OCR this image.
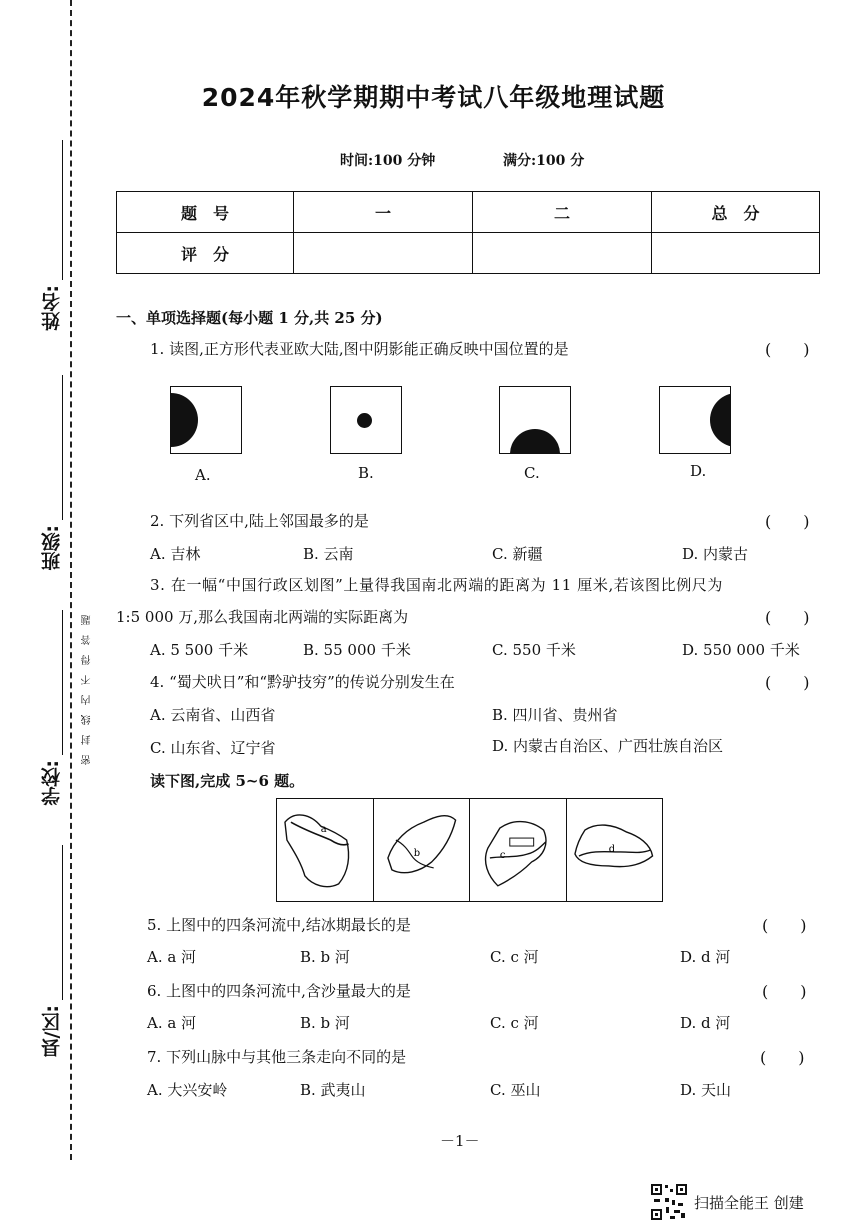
姓名:
班级:
学校:
县/区:
密　封　线　内　不　得　答　题
2024年秋学期期中考试八年级地理试题
时间:100 分钟	满分:100 分
题　号	一	二	总　分
评　分			
一、单项选择题(每小题 1 分,共 25 分)
1. 读图,正方形代表亚欧大陆,图中阴影能正确反映中国位置的是	(　　)
A.	B.	C.	D.
2. 下列省区中,陆上邻国最多的是	(　　)
A. 吉林	B. 云南	C. 新疆	D. 内蒙古
3. 在一幅“中国行政区划图”上量得我国南北两端的距离为 11 厘米,若该图比例尺为
1:5 000 万,那么我国南北两端的实际距离为	(　　)
A. 5 500 千米	B. 55 000 千米	C. 550 千米	D. 550 000 千米
4. “蜀犬吠日”和“黔驴技穷”的传说分别发生在	(　　)
A. 云南省、山西省	B. 四川省、贵州省
C. 山东省、辽宁省	D. 内蒙古自治区、广西壮族自治区
读下图,完成 5~6 题。
a
b	c
d
5. 上图中的四条河流中,结冰期最长的是	(　　)
A. a 河	B. b 河	C. c 河	D. d 河
6. 上图中的四条河流中,含沙量最大的是	(　　)
A. a 河	B. b 河	C. c 河	D. d 河
7. 下列山脉中与其他三条走向不同的是	(　　)
A. 大兴安岭	B. 武夷山	C. 巫山	D. 天山
－1－
扫描全能王 创建
